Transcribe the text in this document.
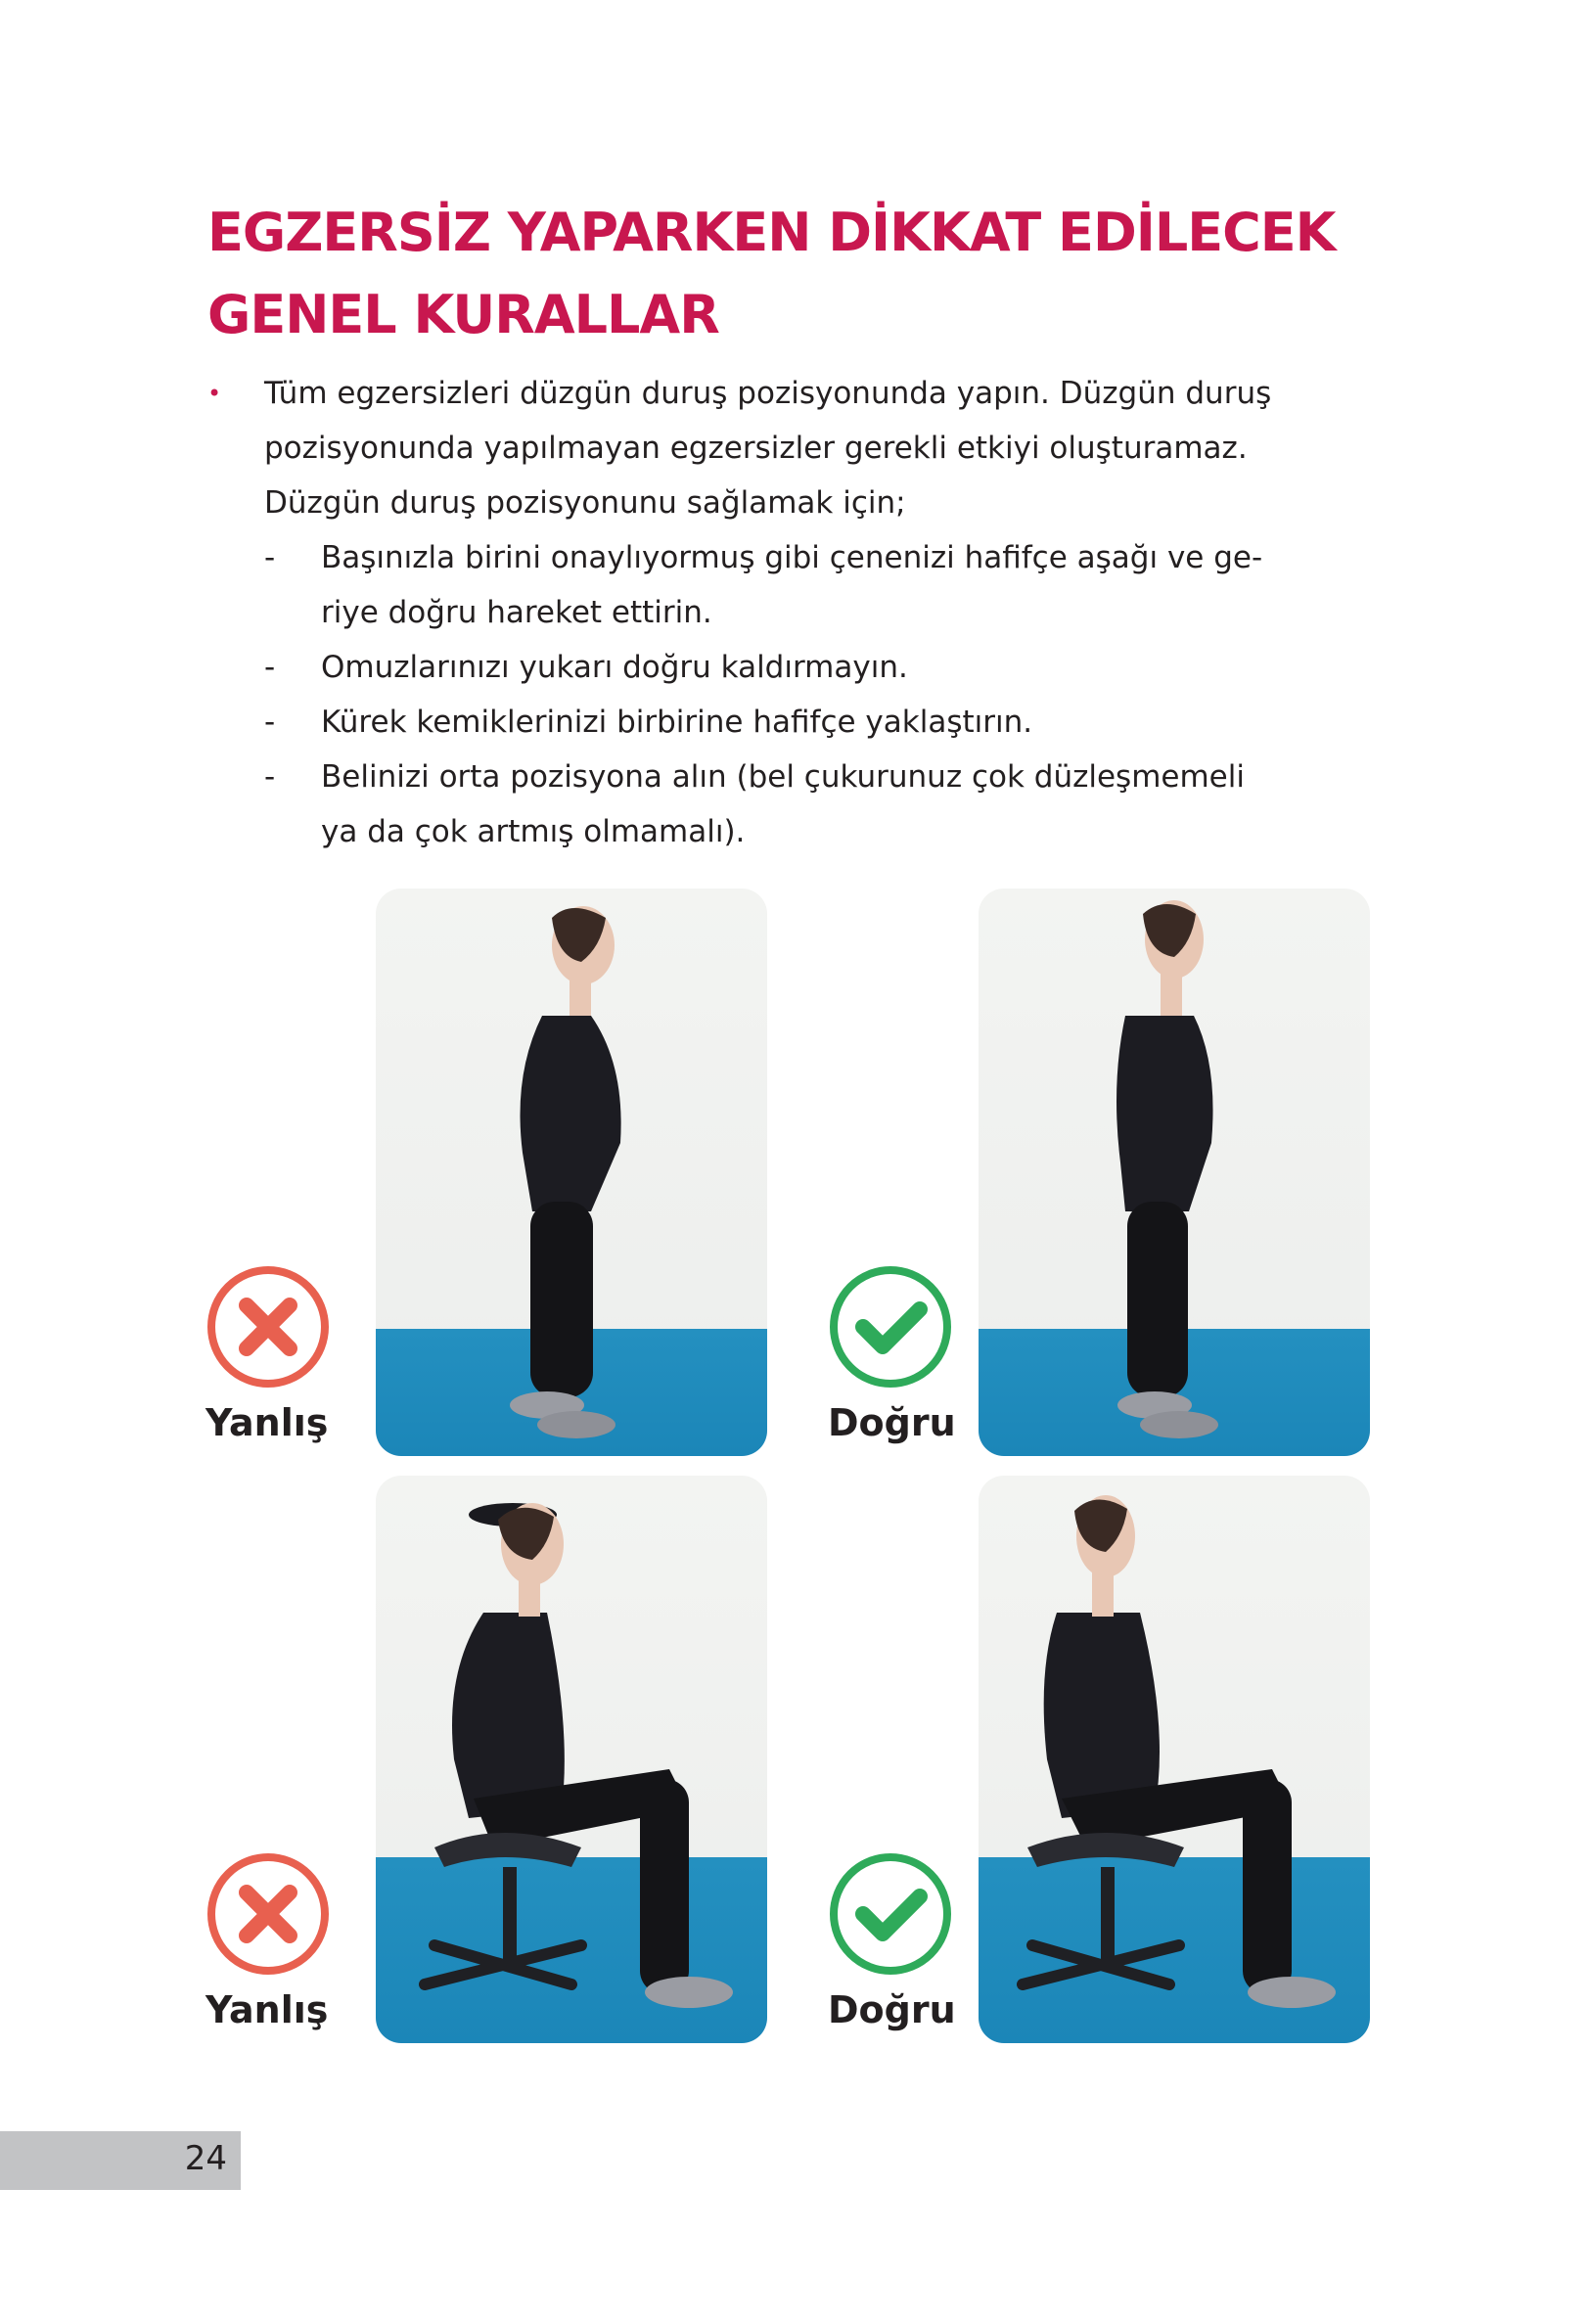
EGZERSİZ YAPARKEN DİKKAT EDİLECEK
GENEL KURALLAR
• Tüm egzersizleri düzgün duruş pozisyonunda yapın. Düzgün duruş
pozisyonunda yapılmayan egzersizler gerekli etkiyi oluşturamaz.
Düzgün duruş pozisyonunu sağlamak için;
- Başınızla birini onaylıyormuş gibi çenenizi hafifçe aşağı ve ge-
riye doğru hareket ettirin.
- Omuzlarınızı yukarı doğru kaldırmayın.
- Kürek kemiklerinizi birbirine hafifçe yaklaştırın.
- Belinizi orta pozisyona alın (bel çukurunuz çok düzleşmemeli
ya da çok artmış olmamalı).
Yanlış	Doğru
Yanlış	Doğru
24
